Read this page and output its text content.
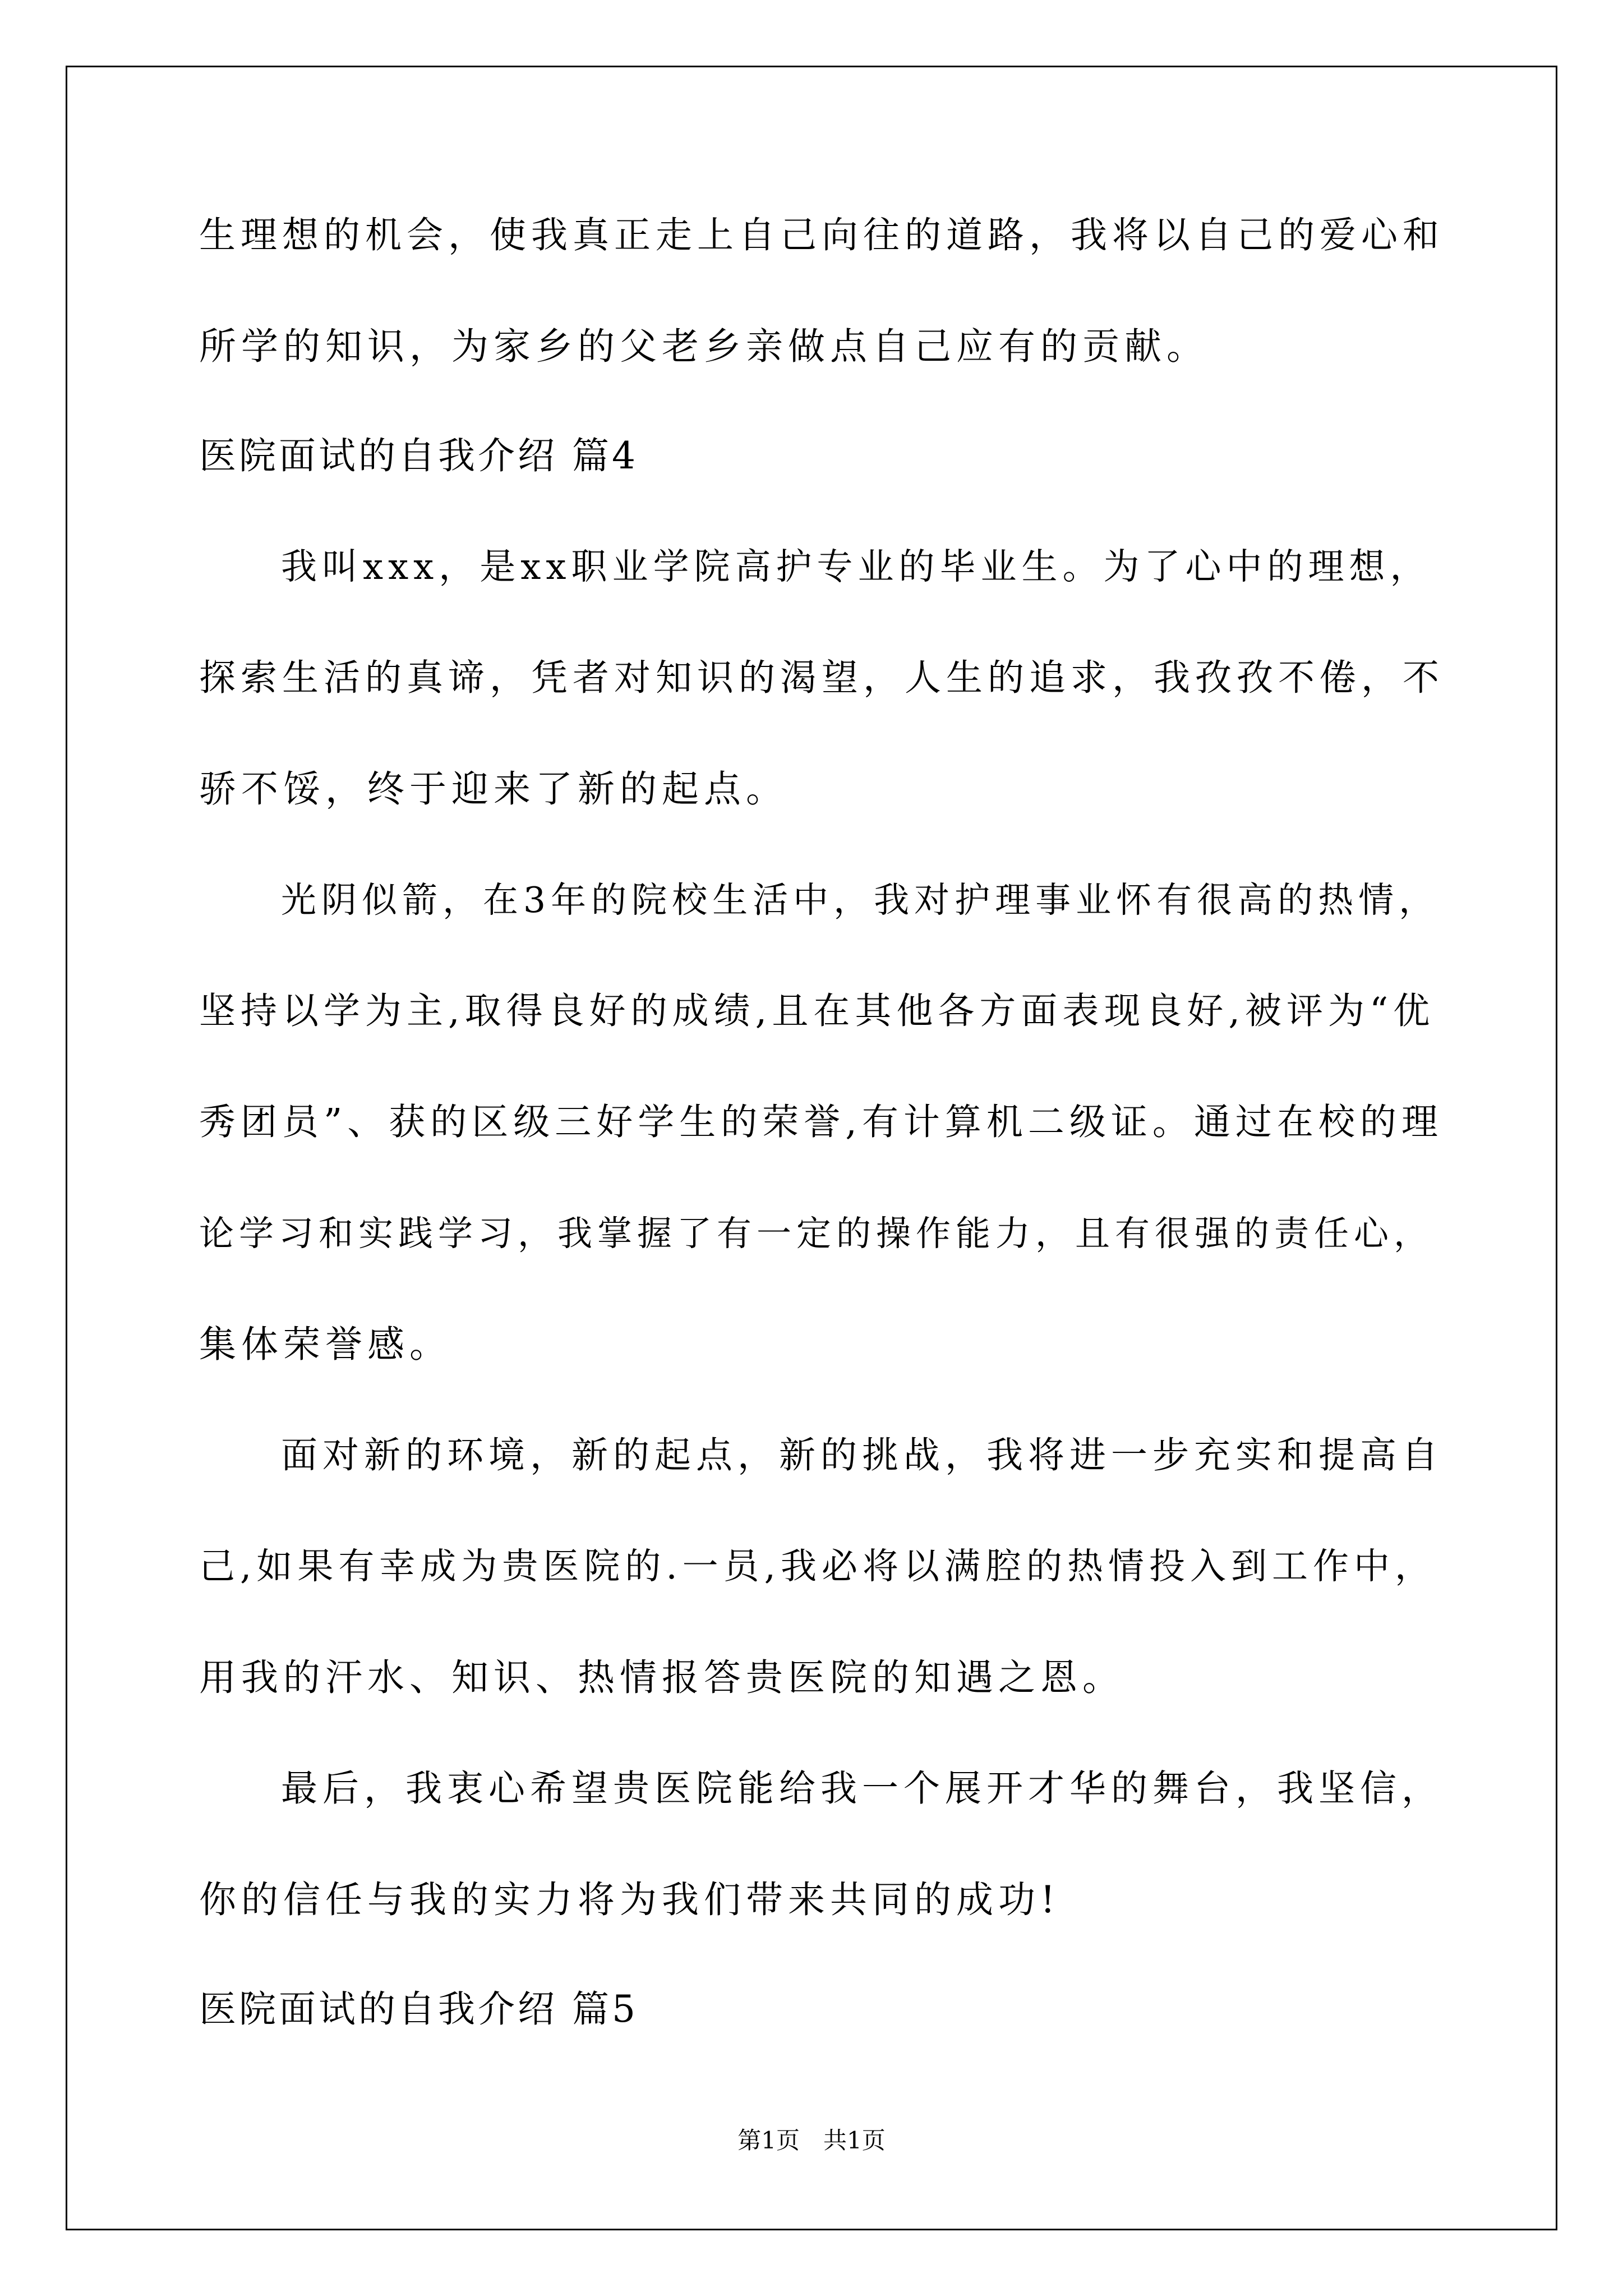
生理想的机会，使我真正走上自己向往的道路，我将以自己的爱心和
所学的知识，为家乡的父老乡亲做点自己应有的贡献。
医院面试的自我介绍 篇4
我叫xxx，是xx职业学院高护专业的毕业生。为了心中的理想，
探索生活的真谛，凭者对知识的渴望，人生的追求，我孜孜不倦，不
骄不馁，终于迎来了新的起点。
光阴似箭，在3年的院校生活中，我对护理事业怀有很高的热情，
坚持以学为主,取得良好的成绩,且在其他各方面表现良好,被评为“优
秀团员”、获的区级三好学生的荣誉,有计算机二级证。通过在校的理
论学习和实践学习，我掌握了有一定的操作能力，且有很强的责任心，
集体荣誉感。
面对新的环境，新的起点，新的挑战，我将进一步充实和提高自
己,如果有幸成为贵医院的.一员,我必将以满腔的热情投入到工作中，
用我的汗水、知识、热情报答贵医院的知遇之恩。
最后，我衷心希望贵医院能给我一个展开才华的舞台，我坚信，
你的信任与我的实力将为我们带来共同的成功!
医院面试的自我介绍 篇5
第1页　共1页
